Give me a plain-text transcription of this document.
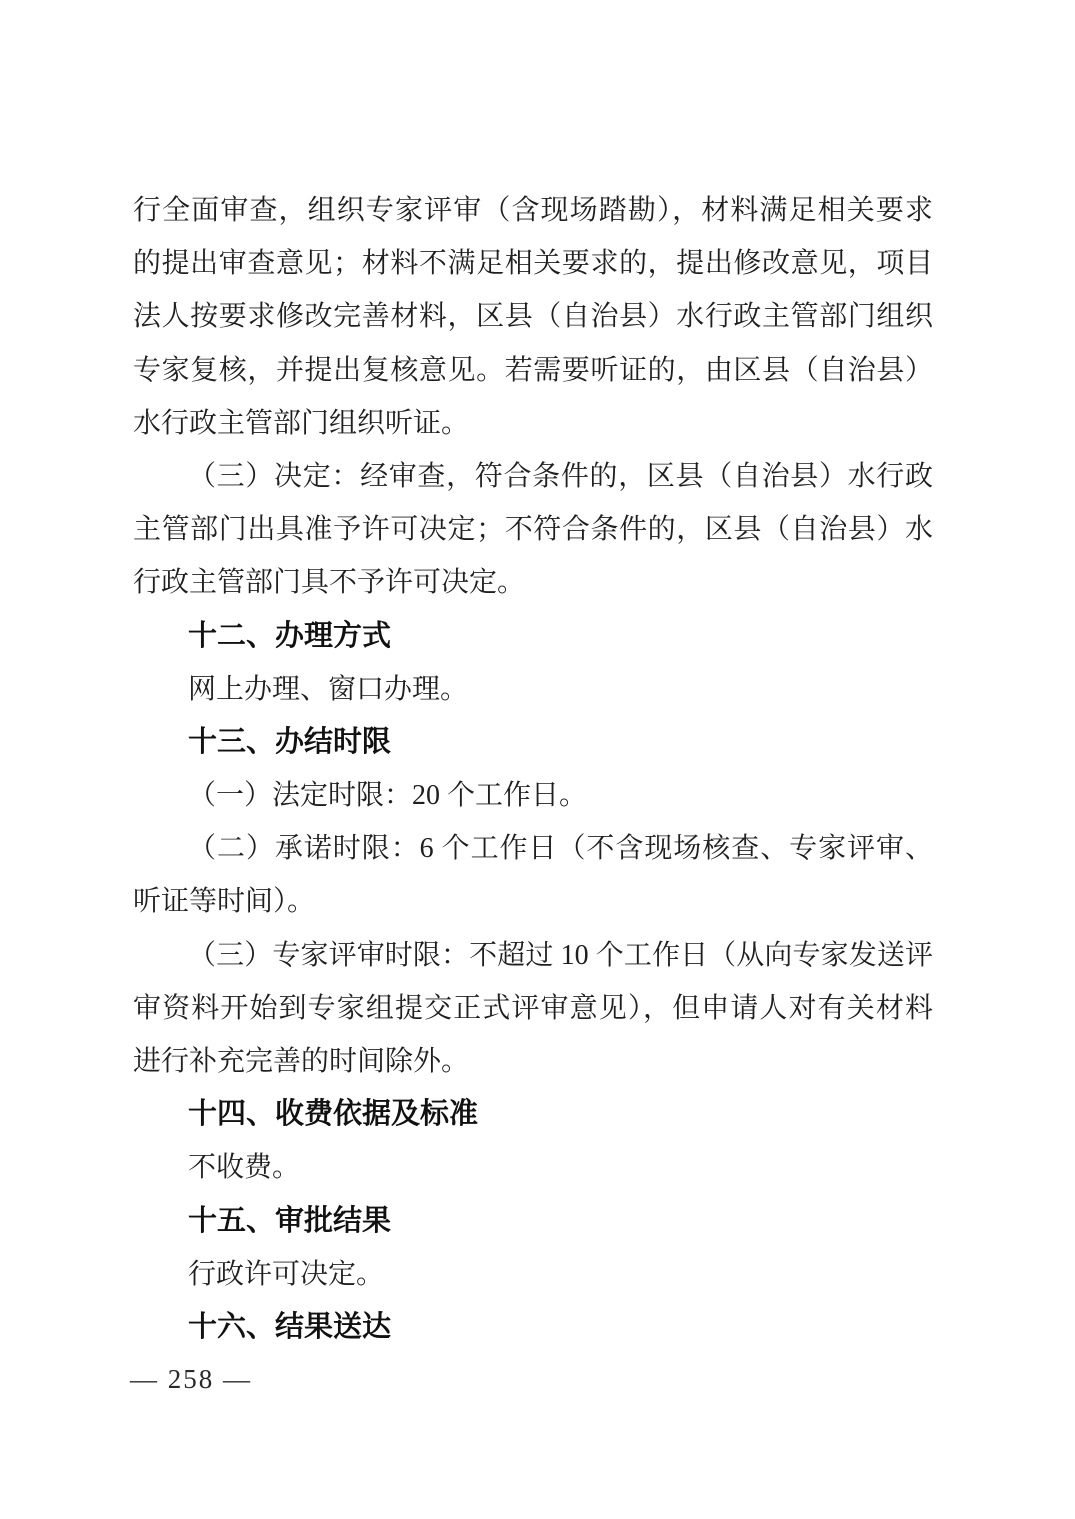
行全面审查，组织专家评审（含现场踏勘），材料满足相关要求
的提出审查意见；材料不满足相关要求的，提出修改意见，项目
法人按要求修改完善材料，区县（自治县）水行政主管部门组织
专家复核，并提出复核意见。若需要听证的，由区县（自治县）
水行政主管部门组织听证。
（三）决定：经审查，符合条件的，区县（自治县）水行政
主管部门出具准予许可决定；不符合条件的，区县（自治县）水
行政主管部门具不予许可决定。
十二、办理方式
网上办理、窗口办理。
十三、办结时限
（一）法定时限：20 个工作日。
（二）承诺时限：6 个工作日（不含现场核查、专家评审、
听证等时间）。
（三）专家评审时限：不超过 10 个工作日（从向专家发送评
审资料开始到专家组提交正式评审意见），但申请人对有关材料
进行补充完善的时间除外。
十四、收费依据及标准
不收费。
十五、审批结果
行政许可决定。
十六、结果送达
— 258 —
